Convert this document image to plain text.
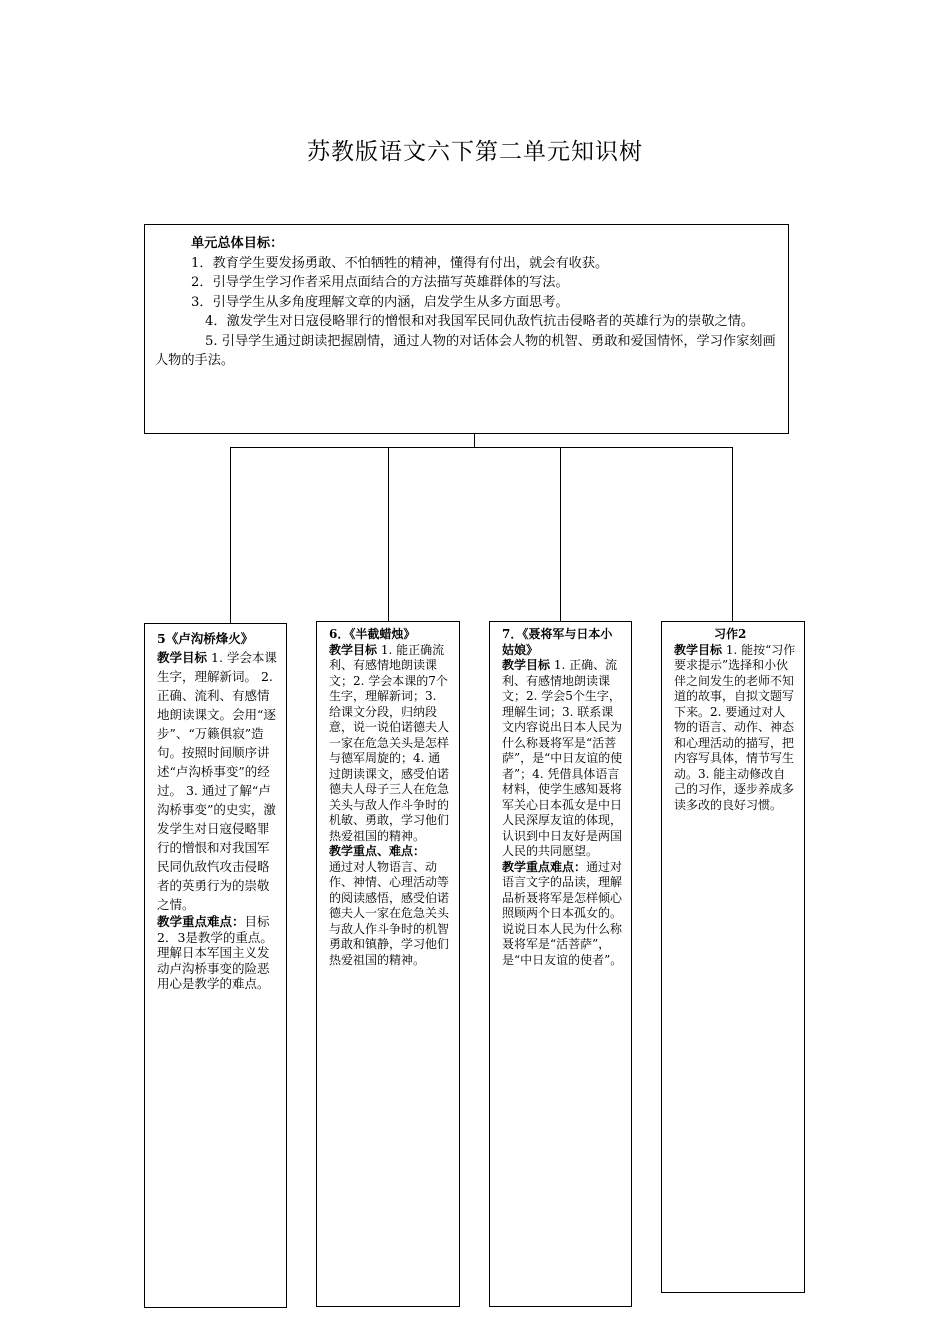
苏教版语文六下第二单元知识树
单元总体目标：
1．教育学生要发扬勇敢、不怕牺牲的精神，懂得有付出，就会有收获。
2．引导学生学习作者采用点面结合的方法描写英雄群体的写法。
3．引导学生从多角度理解文章的内涵，启发学生从多方面思考。
4．激发学生对日寇侵略罪行的憎恨和对我国军民同仇敌忾抗击侵略者的英雄行为的崇敬之情。
5. 引导学生通过朗读把握剧情，通过人物的对话体会人物的机智、勇敢和爱国情怀，学习作家刻画人物的手法。
5《卢沟桥烽火》
教学目标 1. 学会本课生字，理解新词。 2.正确、流利、有感情地朗读课文。会用“逐步”、“万籁俱寂”造句。按照时间顺序讲述“卢沟桥事变”的经过。 3. 通过了解“卢沟桥事变”的史实，激发学生对日寇侵略罪行的憎恨和对我国军民同仇敌忾攻击侵略者的英勇行为的崇敬之情。
教学重点难点：目标2．3是教学的重点。理解日本军国主义发动卢沟桥事变的险恶用心是教学的难点。
6．《半截蜡烛》
教学目标 1. 能正确流利、有感情地朗读课文；2. 学会本课的7个生字，理解新词；3. 给课文分段，归纳段意，说一说伯诺德夫人一家在危急关头是怎样与德军周旋的；4. 通过朗读课文，感受伯诺德夫人母子三人在危急关头与敌人作斗争时的机敏、勇敢，学习他们热爱祖国的精神。
教学重点、难点：
通过对人物语言、动作、神情、心理活动等的阅读感悟，感受伯诺德夫人一家在危急关头与敌人作斗争时的机智勇敢和镇静，学习他们热爱祖国的精神。
7．《聂将军与日本小姑娘》
教学目标 1. 正确、流利、有感情地朗读课文；2. 学会5个生字，理解生词；3. 联系课文内容说出日本人民为什么称聂将军是“活菩萨”，是“中日友谊的使者”；4. 凭借具体语言材料，使学生感知聂将军关心日本孤女是中日人民深厚友谊的体现，认识到中日友好是两国人民的共同愿望。
教学重点难点：通过对语言文字的品读，理解品析聂将军是怎样倾心照顾两个日本孤女的。说说日本人民为什么称聂将军是“活菩萨”，是“中日友谊的使者”。
习作2
教学目标 1. 能按“习作要求提示”选择和小伙伴之间发生的老师不知道的故事，自拟文题写下来。2. 要通过对人物的语言、动作、神态和心理活动的描写，把内容写具体，情节写生动。3. 能主动修改自己的习作，逐步养成多读多改的良好习惯。
